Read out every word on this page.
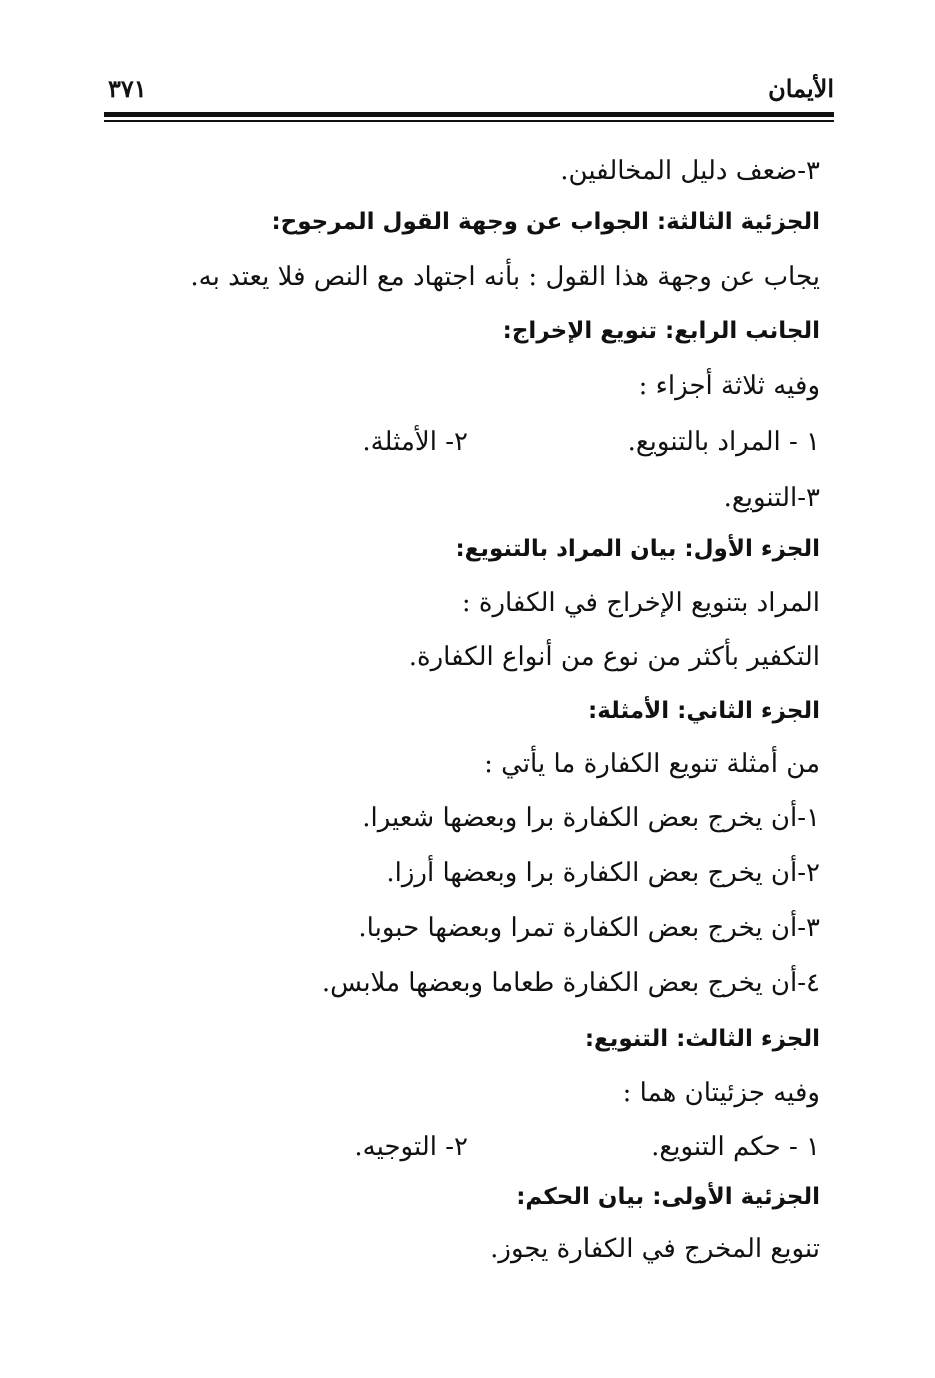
الأيمان
٣٧١
٣-ضعف دليل المخالفين.
الجزئية الثالثة: الجواب عن وجهة القول المرجوح:
يجاب عن وجهة هذا القول : بأنه اجتهاد مع النص فلا يعتد به.
الجانب الرابع: تنويع الإخراج:
وفيه ثلاثة أجزاء :
١ - المراد بالتنويع.
٢- الأمثلة.
٣-التنويع.
الجزء الأول: بيان المراد بالتنويع:
المراد بتنويع الإخراج في الكفارة :
التكفير بأكثر من نوع من أنواع الكفارة.
الجزء الثاني: الأمثلة:
من أمثلة تنويع الكفارة ما يأتي :
١-أن يخرج بعض الكفارة برا وبعضها شعيرا.
٢-أن يخرج بعض الكفارة برا وبعضها أرزا.
٣-أن يخرج بعض الكفارة تمرا وبعضها حبوبا.
٤-أن يخرج بعض الكفارة طعاما وبعضها ملابس.
الجزء الثالث: التنويع:
وفيه جزئيتان هما :
١ - حكم التنويع.
٢- التوجيه.
الجزئية الأولى: بيان الحكم:
تنويع المخرج في الكفارة يجوز.
